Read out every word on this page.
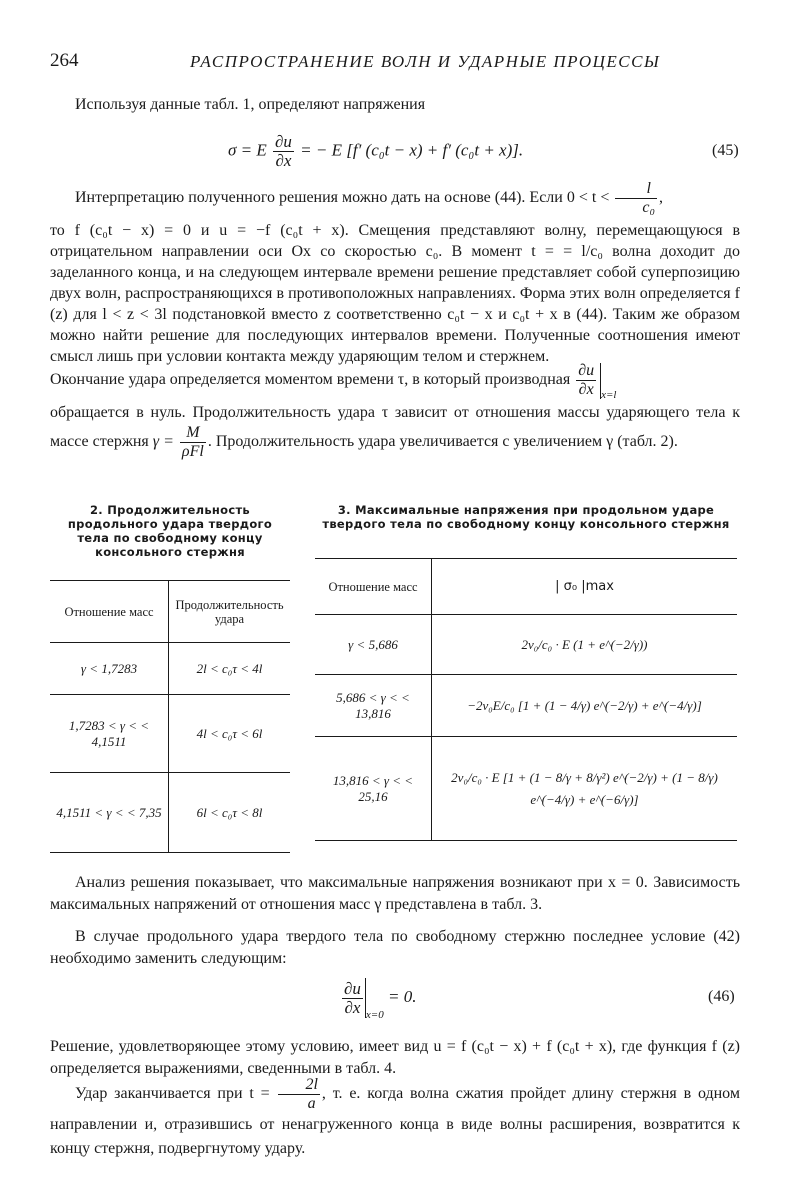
264	РАСПРОСТРАНЕНИЕ ВОЛН И УДАРНЫЕ ПРОЦЕССЫ
Используя данные табл. 1, определяют напряжения
σ = E $\frac{\partial u}{\partial x}$ = − E [f′ (c₀t − x) + f′ (c₀t + x)].	(45)
Интерпретацию полученного решения можно дать на основе (44). Если $0 < t < \frac{l}{\text{c₀}}$ ,
то f (c₀t − x) = 0 и u = −f (c₀t + x). Смещения представляют волну, перемещающуюся в отрицательном направлении оси Ox со скоростью c₀. В момент t = = l/c₀ волна доходит до заделанного конца, и на следующем интервале времени решение представляет собой суперпозицию двух волн, распространяющихся в противоположных направлениях. Форма этих волн определяется f (z) для l < z < 3l подстановкой вместо z соответственно c₀t − x и c₀t + x в (44). Таким же образом можно найти решение для последующих интервалов времени. Полученные соотношения имеют смысл лишь при условии контакта между ударяющим телом и стержнем.
Окончание удара определяется моментом времени τ, в который производная $\frac{\partial u}{\partial x} _{x=l}$
обращается в нуль. Продолжительность удара τ зависит от отношения массы ударяющего тела к массе стержня $\gamma = \frac{M}{\text{ρFl}}$ . Продолжительность удара увеличивается с увеличением γ (табл. 2).
2. Продолжительность продольного удара твердого тела по свободному концу консольного стержня
Отношение масс	Продолжительность удара
γ < 1,7283	2l < c₀τ < 4l
1,7283 < γ < < 4,1511	4l < c₀τ < 6l
4,1511 < γ < < 7,35	6l < c₀τ < 8l
3. Максимальные напряжения при продольном ударе твердого тела по свободному концу консольного стержня
Отношение масс	| σ₀ |max
γ < 5,686	2v₀/c₀ · E (1 + e^(−2/γ))
5,686 < γ < < 13,816	−2v₀E/c₀ [1 + (1 − 4/γ) e^(−2/γ) + e^(−4/γ)]
13,816 < γ < < 25,16	2v₀/c₀ · E [1 + (1 − 8/γ + 8/γ²) e^(−2/γ) + (1 − 8/γ) e^(−4/γ) + e^(−6/γ)]
Анализ решения показывает, что максимальные напряжения возникают при x = 0. Зависимость максимальных напряжений от отношения масс γ представлена в табл. 3.
В случае продольного удара твердого тела по свободному стержню последнее условие (42) необходимо заменить следующим:
$\frac{\partial u}{\partial x} _{x=0} = 0$.	(46)
Решение, удовлетворяющее этому условию, имеет вид u = f (c₀t − x) + f (c₀t + x), где функция f (z) определяется выражениями, сведенными в табл. 4.
Удар заканчивается при $t = \frac{2l}{a}$ , т. е. когда волна сжатия пройдет длину стержня в одном направлении и, отразившись от ненагруженного конца в виде волны расширения, возвратится к концу стержня, подвергнутому удару.
